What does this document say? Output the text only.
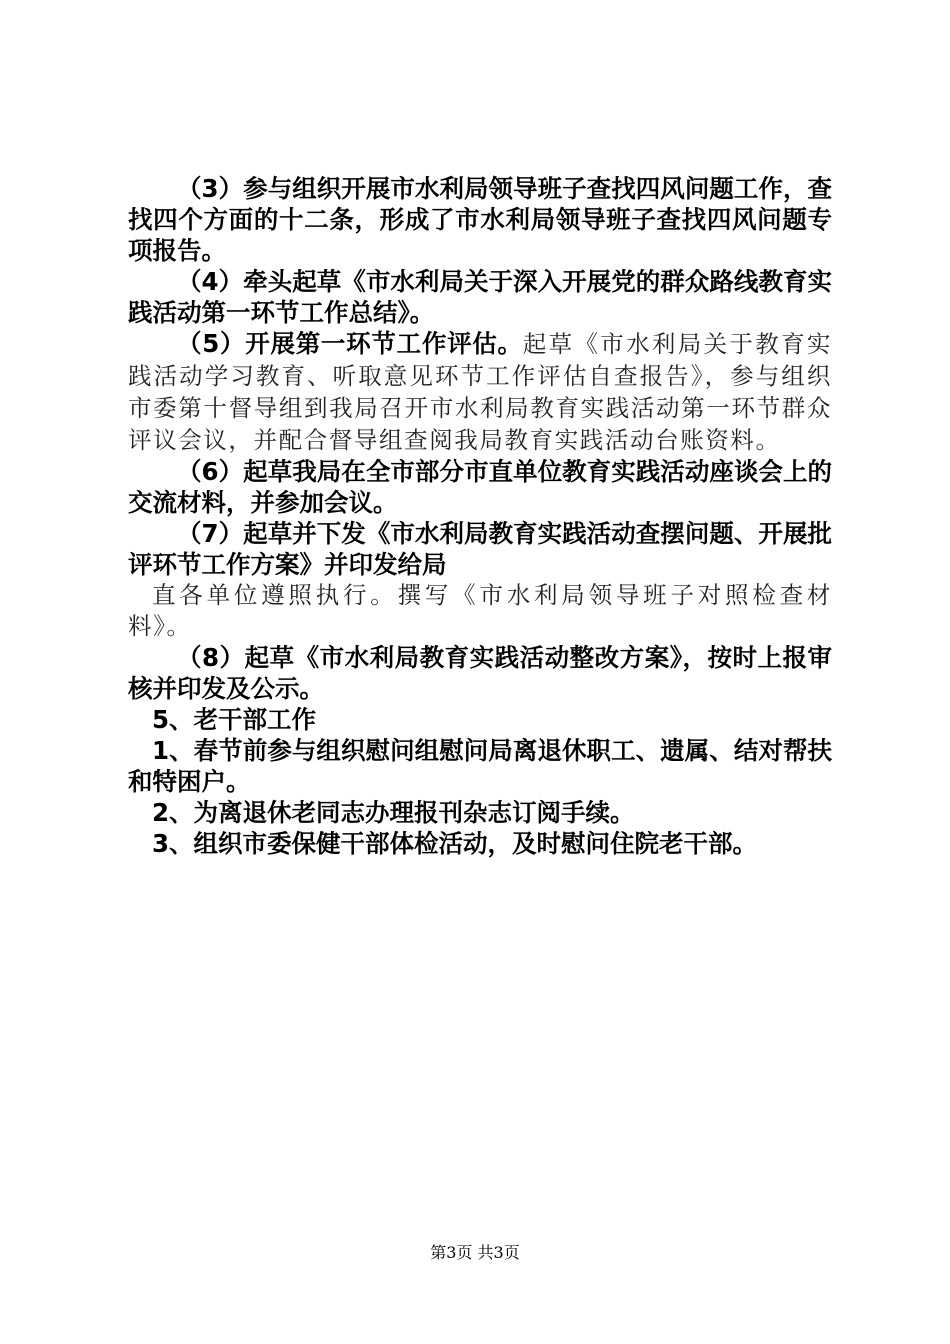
（3）参与组织开展市水利局领导班子查找四风问题工作，查找四个方面的十二条，形成了市水利局领导班子查找四风问题专项报告。

（4）牵头起草《市水利局关于深入开展党的群众路线教育实践活动第一环节工作总结》。

（5）开展第一环节工作评估。起草《市水利局关于教育实践活动学习教育、听取意见环节工作评估自查报告》，参与组织市委第十督导组到我局召开市水利局教育实践活动第一环节群众评议会议，并配合督导组查阅我局教育实践活动台账资料。

（6）起草我局在全市部分市直单位教育实践活动座谈会上的交流材料，并参加会议。

（7）起草并下发《市水利局教育实践活动查摆问题、开展批评环节工作方案》并印发给局

直各单位遵照执行。撰写《市水利局领导班子对照检查材料》。

（8）起草《市水利局教育实践活动整改方案》，按时上报审核并印发及公示。

5、老干部工作

1、春节前参与组织慰问组慰问局离退休职工、遗属、结对帮扶和特困户。

2、为离退休老同志办理报刊杂志订阅手续。

3、组织市委保健干部体检活动，及时慰问住院老干部。

第3页 共3页
